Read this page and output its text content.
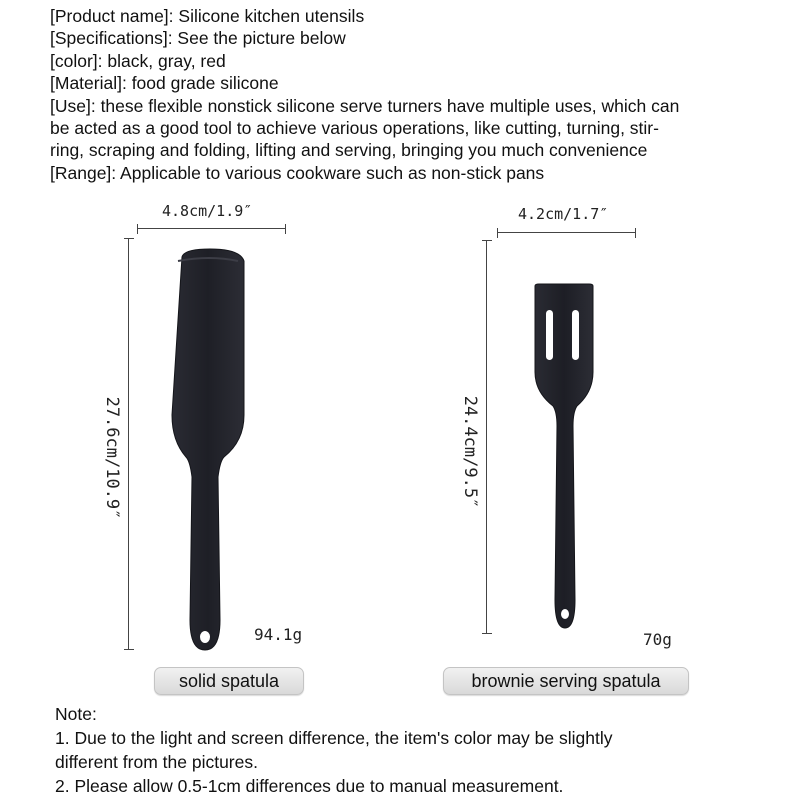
[Product name]: Silicone kitchen utensils
[Specifications]: See the picture below
[color]: black, gray, red
[Material]: food grade silicone
[Use]: these flexible nonstick silicone serve turners have multiple uses, which can
be acted as a good tool to achieve various operations, like cutting, turning, stir-
ring, scraping and folding, lifting and serving, bringing you much convenience
[Range]: Applicable to various cookware such as non-stick pans
4.8cm/1.9″
27.6cm/10.9″
94.1g
solid spatula
4.2cm/1.7″
24.4cm/9.5″
70g
brownie serving spatula
Note:
1. Due to the light and screen difference, the item's color may be slightly
different from the pictures.
2. Please allow 0.5-1cm differences due to manual measurement.
